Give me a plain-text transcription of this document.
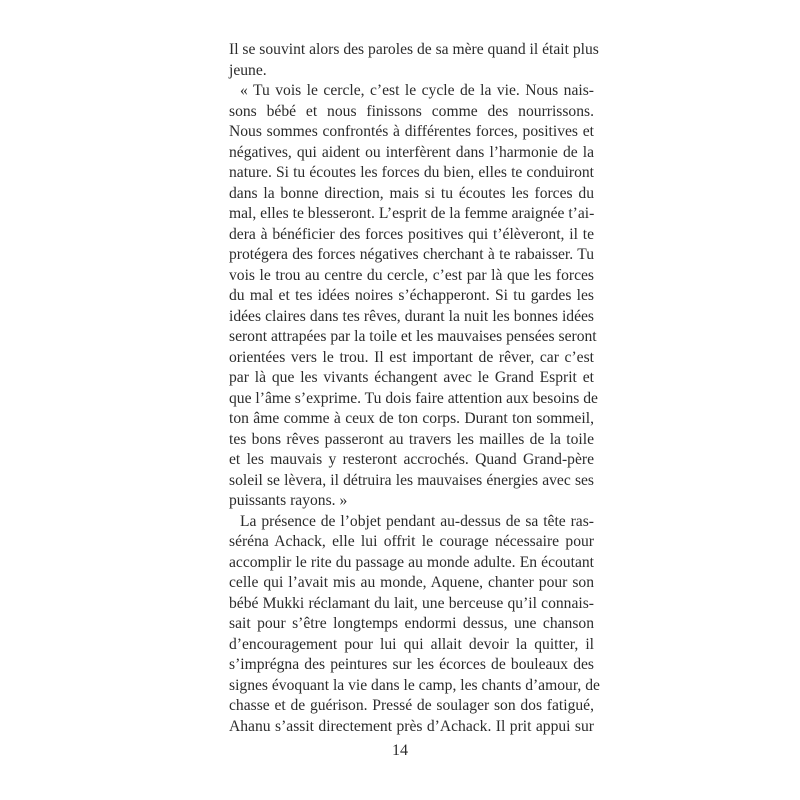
Il se souvint alors des paroles de sa mère quand il était plus
jeune.
« Tu vois le cercle, c’est le cycle de la vie. Nous nais-
sons bébé et nous finissons comme des nourrissons.
Nous sommes confrontés à différentes forces, positives et
négatives, qui aident ou interfèrent dans l’harmonie de la
nature. Si tu écoutes les forces du bien, elles te conduiront
dans la bonne direction, mais si tu écoutes les forces du
mal, elles te blesseront. L’esprit de la femme araignée t’ai-
dera à bénéficier des forces positives qui t’élèveront, il te
protégera des forces négatives cherchant à te rabaisser. Tu
vois le trou au centre du cercle, c’est par là que les forces
du mal et tes idées noires s’échapperont. Si tu gardes les
idées claires dans tes rêves, durant la nuit les bonnes idées
seront attrapées par la toile et les mauvaises pensées seront
orientées vers le trou. Il est important de rêver, car c’est
par là que les vivants échangent avec le Grand Esprit et
que l’âme s’exprime. Tu dois faire attention aux besoins de
ton âme comme à ceux de ton corps. Durant ton sommeil,
tes bons rêves passeront au travers les mailles de la toile
et les mauvais y resteront accrochés. Quand Grand-père
soleil se lèvera, il détruira les mauvaises énergies avec ses
puissants rayons. »
La présence de l’objet pendant au-dessus de sa tête ras-
séréna Achack, elle lui offrit le courage nécessaire pour
accomplir le rite du passage au monde adulte. En écoutant
celle qui l’avait mis au monde, Aquene, chanter pour son
bébé Mukki réclamant du lait, une berceuse qu’il connais-
sait pour s’être longtemps endormi dessus, une chanson
d’encouragement pour lui qui allait devoir la quitter, il
s’imprégna des peintures sur les écorces de bouleaux des
signes évoquant la vie dans le camp, les chants d’amour, de
chasse et de guérison. Pressé de soulager son dos fatigué,
Ahanu s’assit directement près d’Achack. Il prit appui sur
14
